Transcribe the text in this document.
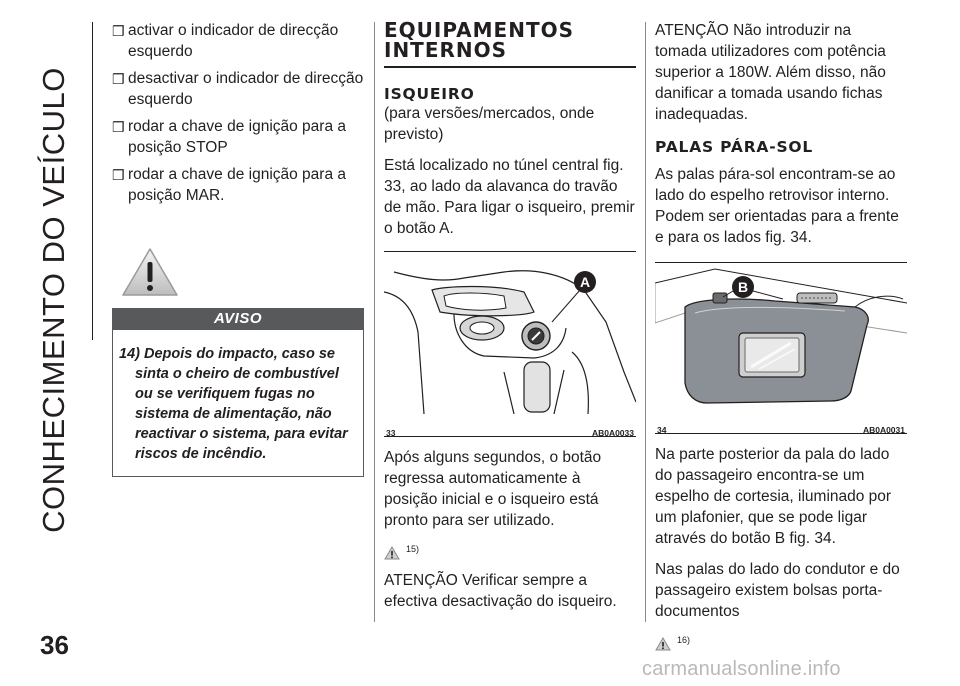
CONHECIMENTO DO VEÍCULO
36
❒ activar o indicador de direcção esquerdo
❒ desactivar o indicador de direcção esquerdo
❒ rodar a chave de ignição para a posição STOP
❒ rodar a chave de ignição para a posição MAR.
AVISO
14) Depois do impacto, caso se sinta o cheiro de combustível ou se verifiquem fugas no sistema de alimentação, não reactivar o sistema, para evitar riscos de incêndio.
EQUIPAMENTOS INTERNOS
ISQUEIRO
(para versões/mercados, onde previsto)

Está localizado no túnel central fig. 33, ao lado da alavanca do travão de mão. Para ligar o isqueiro, premir o botão A.

A
33	AB0A0033

Após alguns segundos, o botão regressa automaticamente à posição inicial e o isqueiro está pronto para ser utilizado.

15)

ATENÇÃO Verificar sempre a efectiva desactivação do isqueiro.

ATENÇÃO Não introduzir na tomada utilizadores com potência superior a 180W. Além disso, não danificar a tomada usando fichas inadequadas.

PALAS PÁRA-SOL

As palas pára-sol encontram-se ao lado do espelho retrovisor interno. Podem ser orientadas para a frente e para os lados fig. 34.

B
34	AB0A0031

Na parte posterior da pala do lado do passageiro encontra-se um espelho de cortesia, iluminado por um plafonier, que se pode ligar através do botão B fig. 34.

Nas palas do lado do condutor e do passageiro existem bolsas porta-documentos

16)
carmanualsonline.info
